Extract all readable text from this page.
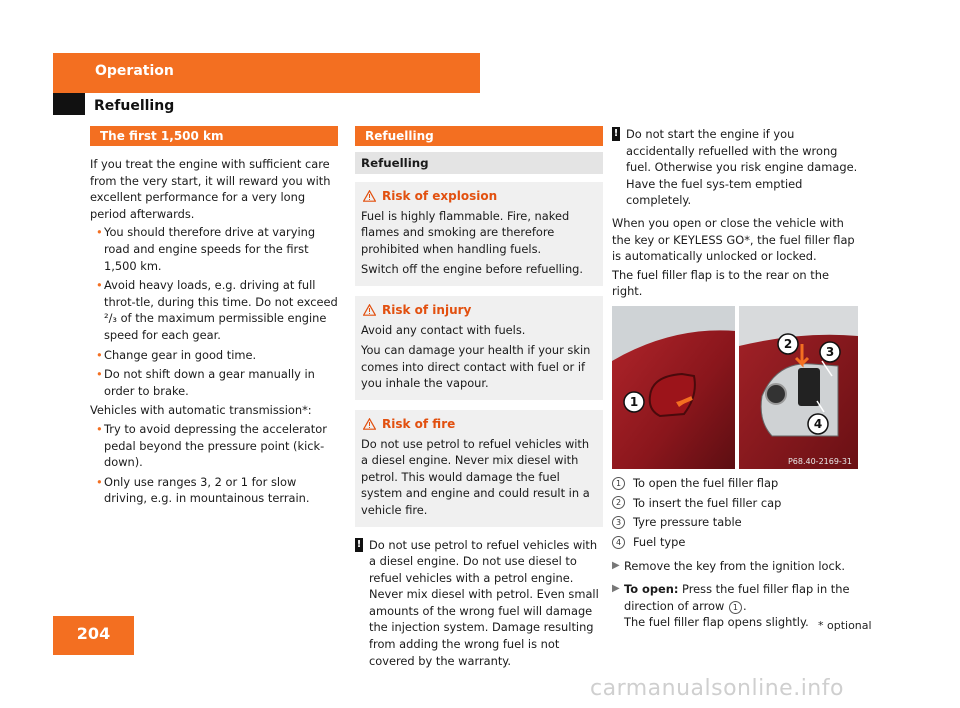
Operation
Refuelling
The first 1,500 km

If you treat the engine with sufficient care from the very start, it will reward you with excellent performance for a very long period afterwards.

• You should therefore drive at varying road and engine speeds for the first 1,500 km.
• Avoid heavy loads, e.g. driving at full throt-tle, during this time. Do not exceed ²/₃ of the maximum permissible engine speed for each gear.
• Change gear in good time.
• Do not shift down a gear manually in order to brake.

Vehicles with automatic transmission*:

• Try to avoid depressing the accelerator pedal beyond the pressure point (kick-down).
• Only use ranges 3, 2 or 1 for slow driving, e.g. in mountainous terrain.
Refuelling
Refuelling
Risk of explosion

Fuel is highly flammable. Fire, naked flames and smoking are therefore prohibited when handling fuels.

Switch off the engine before refuelling.

Risk of injury

Avoid any contact with fuels.

You can damage your health if your skin comes into direct contact with fuel or if you inhale the vapour.

Risk of fire

Do not use petrol to refuel vehicles with a diesel engine. Never mix diesel with petrol. This would damage the fuel system and engine and could result in a vehicle fire.

! Do not use petrol to refuel vehicles with a diesel engine. Do not use diesel to refuel vehicles with a petrol engine. Never mix diesel with petrol. Even small amounts of the wrong fuel will damage the injection system. Damage resulting from adding the wrong fuel is not covered by the warranty.
! Do not start the engine if you accidentally refuelled with the wrong fuel. Otherwise you risk engine damage. Have the fuel sys-tem emptied completely.

When you open or close the vehicle with the key or KEYLESS GO*, the fuel filler flap is automatically unlocked or locked.

The fuel filler flap is to the rear on the right.

1
2
3
4
P68.40-2169-31
1	To open the fuel filler flap
2	To insert the fuel filler cap
3	Tyre pressure table
4	Fuel type
▶ Remove the key from the ignition lock.
▶ To open: Press the fuel filler flap in the direction of arrow 1 .
The fuel filler flap opens slightly.
204	* optional
carmanualsonline.info
